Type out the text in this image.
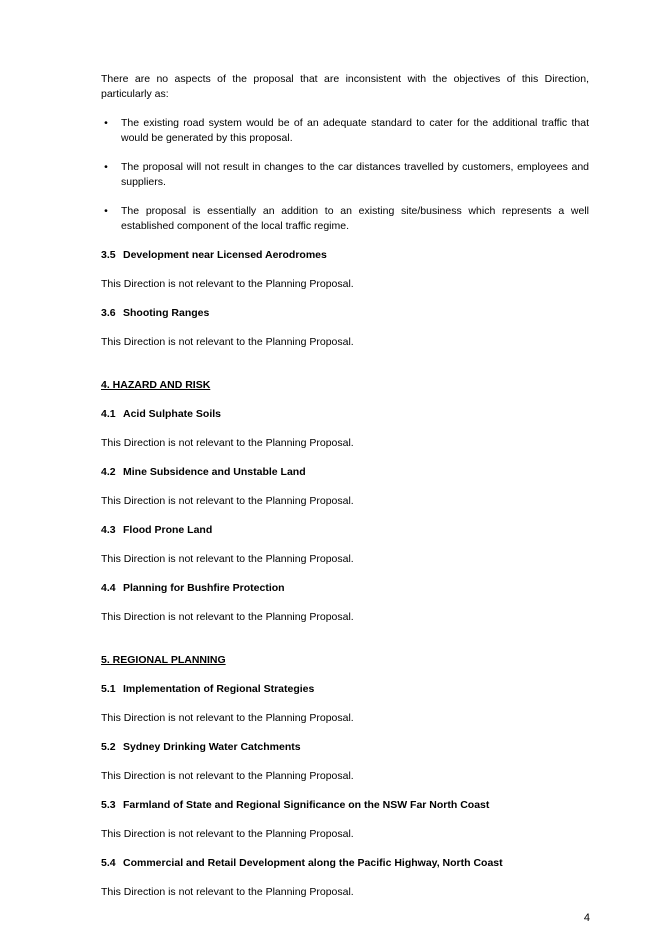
There are no aspects of the proposal that are inconsistent with the objectives of this Direction, particularly as:

•	The existing road system would be of an adequate standard to cater for the additional traffic that would be generated by this proposal.
•	The proposal will not result in changes to the car distances travelled by customers, employees and suppliers.
•	The proposal is essentially an addition to an existing site/business which represents a well established component of the local traffic regime.
3.5 Development near Licensed Aerodromes

This Direction is not relevant to the Planning Proposal.

3.6 Shooting Ranges

This Direction is not relevant to the Planning Proposal.

4. HAZARD AND RISK
4.1 Acid Sulphate Soils

This Direction is not relevant to the Planning Proposal.

4.2 Mine Subsidence and Unstable Land

This Direction is not relevant to the Planning Proposal.

4.3 Flood Prone Land

This Direction is not relevant to the Planning Proposal.

4.4 Planning for Bushfire Protection

This Direction is not relevant to the Planning Proposal.

5. REGIONAL PLANNING
5.1 Implementation of Regional Strategies

This Direction is not relevant to the Planning Proposal.

5.2 Sydney Drinking Water Catchments

This Direction is not relevant to the Planning Proposal.

5.3 Farmland of State and Regional Significance on the NSW Far North Coast

This Direction is not relevant to the Planning Proposal.

5.4 Commercial and Retail Development along the Pacific Highway, North Coast

This Direction is not relevant to the Planning Proposal.

4
